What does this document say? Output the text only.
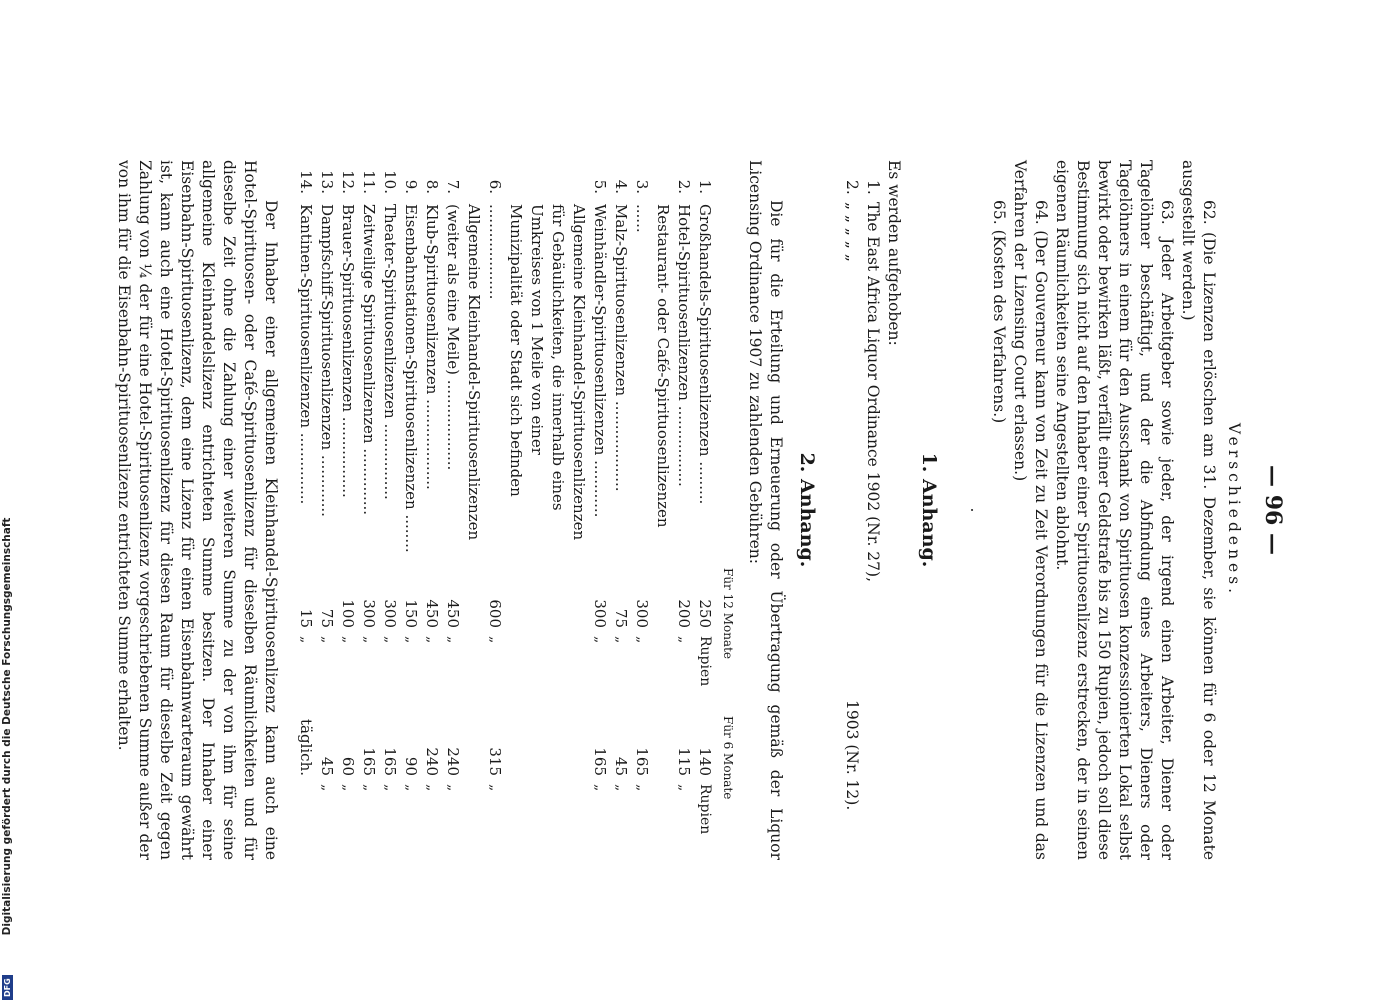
DFG
Digitalisierung gefördert durch die Deutsche Forschungsgemeinschaft
— 96 —
Verschiedenes.

62. (Die Lizenzen erlöschen am 31. Dezember, sie können für 6 oder 12 Monate ausgestellt werden.)

63. Jeder Arbeitgeber sowie jeder, der irgend einen Arbeiter, Diener oder Tagelöhner beschäftigt, und der die Abfindung eines Arbeiters, Dieners oder Tagelöhners in einem für den Ausschank von Spirituosen konzessionierten Lokal selbst bewirkt oder bewirken läßt, verfällt einer Geldstrafe bis zu 150 Rupien, jedoch soll diese Bestimmung sich nicht auf den Inhaber einer Spirituosenlizenz erstrecken, der in seinen eigenen Räumlichkeiten seine Angestellten ablohnt.

64. (Der Gouverneur kann von Zeit zu Zeit Verordnungen für die Lizenzen und das Verfahren der Lizensing Court erlassen.)

65. (Kosten des Verfahrens.)

.
1. Anhang.

Es werden aufgehoben:

1.
The East Africa Liquor Ordinance 1902 (Nr. 27),
2.
„ „ „ „ „
1903 (Nr. 12).
2. Anhang.

Die für die Erteilung und Erneuerung oder Übertragung gemäß der Liquor Licensing Ordinance 1907 zu zahlenden Gebühren:

		Für 12 Monate		Für 6 Monate	
1.	Großhandels-Spirituosenlizenzen .........	250	Rupien	140	Rupien
2.	Hotel-Spirituosenlizenzen .................	200	„	115	„
3.	Restaurant- oder Café-Spirituosenlizenzen ......	300	„	165	„
4.	Malz-Spirituosenlizenzen ...................	75	„	45	„
5.	Weinhändler-Spirituosenlizenzen ............	300	„	165	„
6.	Allgemeine Kleinhandel-Spirituosenlizenzen für Gebäulichkeiten, die innerhalb eines Umkreises von 1 Meile von einer Munizipalität oder Stadt sich befinden ....................	600	„	315	„
7.	Allgemeine Kleinhandel-Spirituosenlizenzen (weiter als eine Meile) ...................	450	„	240	„
8.	Klub-Spirituosenlizenzen ...................	450	„	240	„
9.	Eisenbahnstationen-Spirituosenlizenzen ........	150	„	90	„
10.	Theater-Spirituosenlizenzen ................	300	„	165	„
11.	Zeitweilige Spirituosenlizenzen ..............	300	„	165	„
12.	Brauer-Spirituosenlizenzen .................	100	„	60	„
13.	Dampfschiff-Spirituosenlizenzen .............	75	„	45	„
14.	Kantinen-Spirituosenlizenzen ...............	15	„	täglich.	

Der Inhaber einer allgemeinen Kleinhandel-Spirituosenlizenz kann auch eine Hotel-Spirituosen- oder Café-Spirituosenlizenz für dieselben Räumlichkeiten und für dieselbe Zeit ohne die Zahlung einer weiteren Summe zu der von ihm für seine allgemeine Kleinhandelslizenz entrichteten Summe besitzen. Der Inhaber einer Eisenbahn-Spirituosenlizenz, dem eine Lizenz für einen Eisenbahnwarteraum gewährt ist, kann auch eine Hotel-Spirituosenlizenz für diesen Raum für dieselbe Zeit gegen Zahlung von ¼ der für eine Hotel-Spirituosenlizenz vorgeschriebenen Summe außer der von ihm für die Eisenbahn-Spirituosenlizenz entrichteten Summe erhalten.
